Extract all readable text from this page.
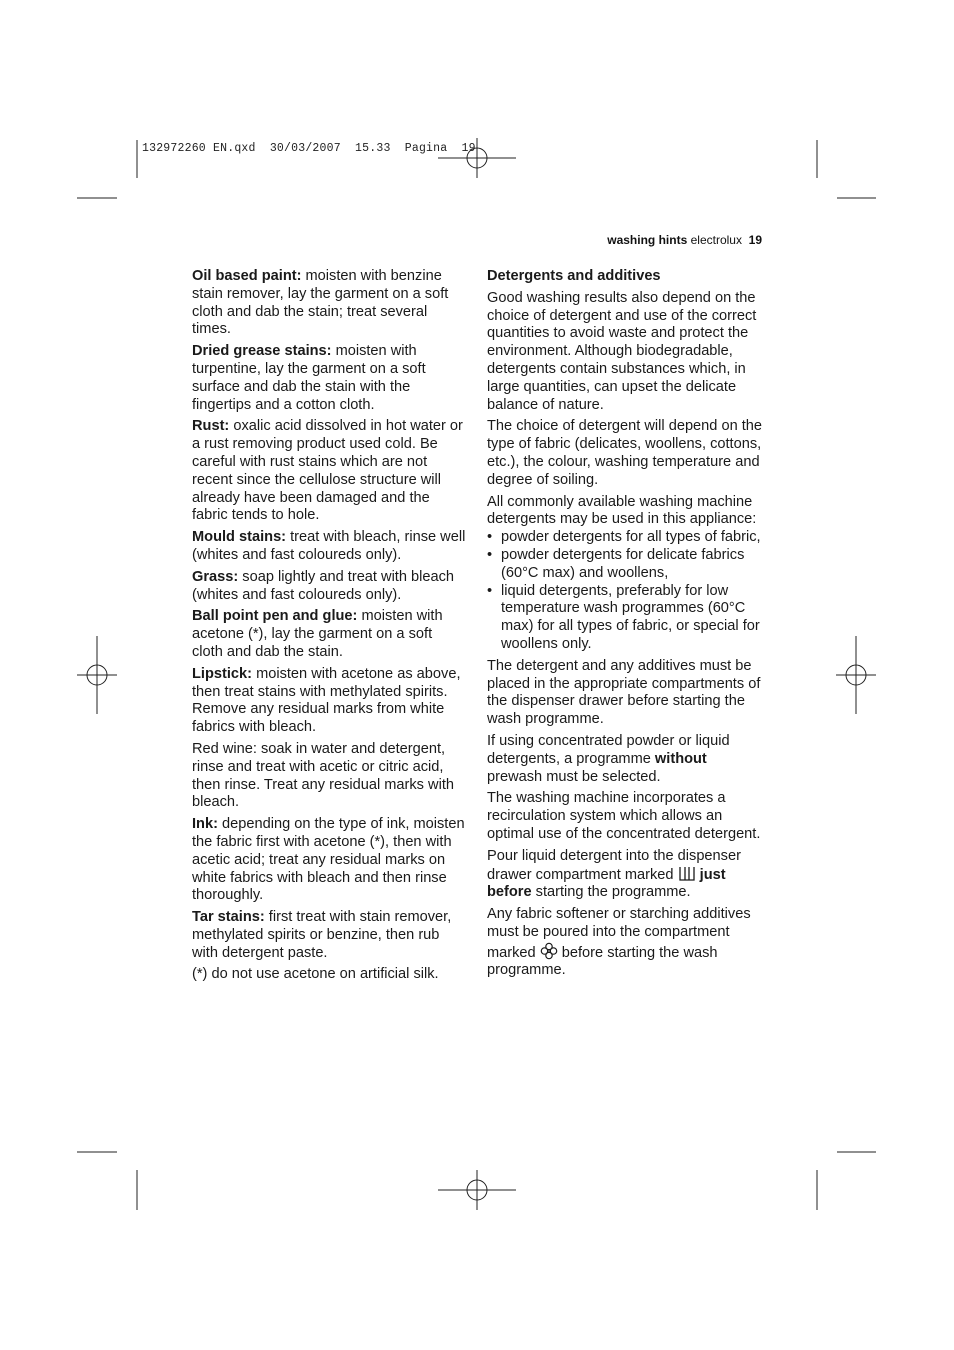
132972260 EN.qxd  30/03/2007  15.33  Pagina  19
washing hints electrolux 19

Oil based paint: moisten with benzine stain remover, lay the garment on a soft cloth and dab the stain; treat several times.

Dried grease stains: moisten with turpentine, lay the garment on a soft surface and dab the stain with the fingertips and a cotton cloth.

Rust: oxalic acid dissolved in hot water or a rust removing product used cold. Be careful with rust stains which are not recent since the cellulose structure will already have been damaged and the fabric tends to hole.

Mould stains: treat with bleach, rinse well (whites and fast coloureds only).

Grass: soap lightly and treat with bleach (whites and fast coloureds only).

Ball point pen and glue: moisten with acetone (*), lay the garment on a soft cloth and dab the stain.

Lipstick: moisten with acetone as above, then treat stains with methylated spirits. Remove any residual marks from white fabrics with bleach.

Red wine: soak in water and detergent, rinse and treat with acetic or citric acid, then rinse. Treat any residual marks with bleach.

Ink: depending on the type of ink, moisten the fabric first with acetone (*), then with acetic acid; treat any residual marks on white fabrics with bleach and then rinse thoroughly.

Tar stains: first treat with stain remover, methylated spirits or benzine, then rub with detergent paste.

(*) do not use acetone on artificial silk.

Detergents and additives

Good washing results also depend on the choice of detergent and use of the correct quantities to avoid waste and protect the environment. Although biodegradable, detergents contain substances which, in large quantities, can upset the delicate balance of nature.

The choice of detergent will depend on the type of fabric (delicates, woollens, cottons, etc.), the colour, washing temperature and degree of soiling.

All commonly available washing machine detergents may be used in this appliance:

• powder detergents for all types of fabric,
• powder detergents for delicate fabrics (60°C max) and woollens,
• liquid detergents, preferably for low temperature wash programmes (60°C max) for all types of fabric, or special for woollens only.

The detergent and any additives must be placed in the appropriate compartments of the dispenser drawer before starting the wash programme.

If using concentrated powder or liquid detergents, a programme without prewash must be selected.

The washing machine incorporates a recirculation system which allows an optimal use of the concentrated detergent.

Pour liquid detergent into the dispenser drawer compartment marked  just before starting the programme.

Any fabric softener or starching additives must be poured into the compartment marked  before starting the wash programme.
